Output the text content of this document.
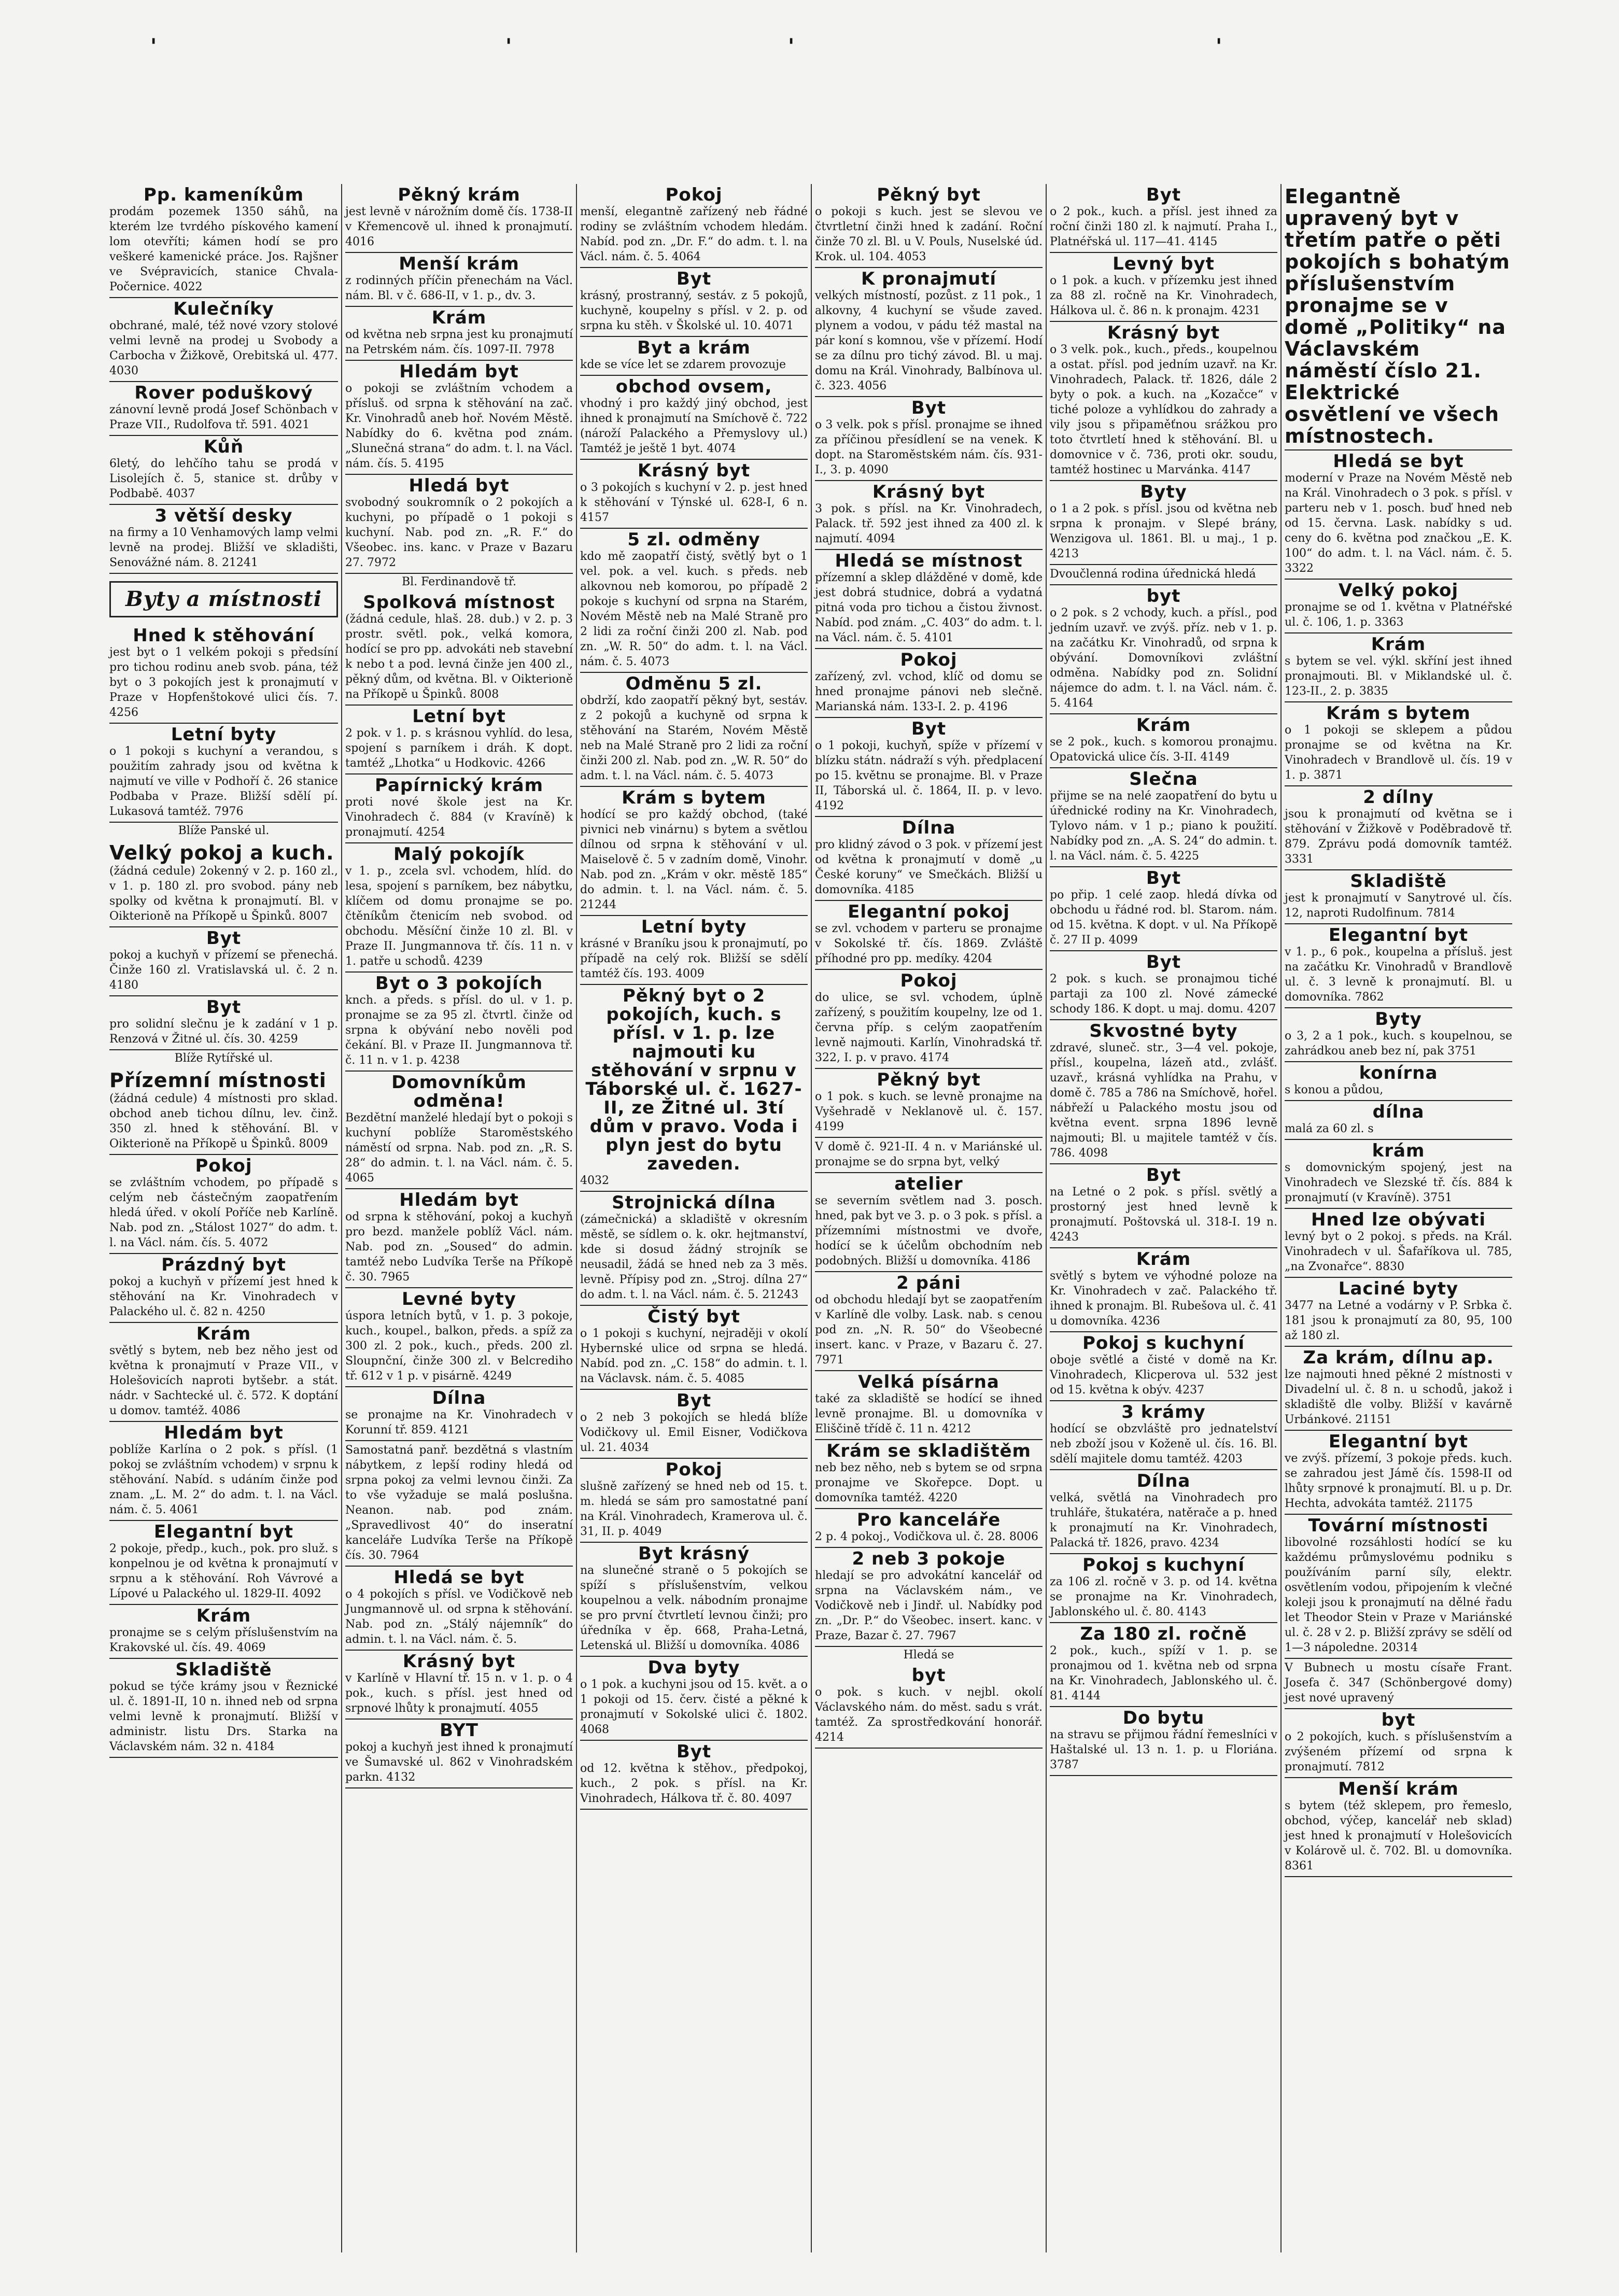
'	'	'	'
Pp. kameníkům
prodám pozemek 1350 sáhů, na kterém lze tvrdého pískového kamení lom otevříti; kámen hodí se pro veškeré kamenické práce. Jos. Rajšner ve Svépravicích, stanice Chvala-Počernice. 4022
Kulečníky
obchrané, malé, též nové vzory stolové velmi levně na prodej u Svobody a Carbocha v Žižkově, Orebitská ul. 477. 4030
Rover poduškový
zánovní levně prodá Josef Schönbach v Praze VII., Rudolfova tř. 591. 4021
Kůň
6letý, do lehčího tahu se prodá v Lisolejích č. 5, stanice st. drůby v Podbabě. 4037
3 větší desky
na firmy a 10 Venhamových lamp velmi levně na prodej. Bližší ve skladišti, Senovážné nám. 8. 21241
Byty a místnosti
Hned k stěhování
jest byt o 1 velkém pokoji s předsíní pro tichou rodinu aneb svob. pána, též byt o 3 pokojích jest k pronajmutí v Praze v Hopfenštokové ulici čís. 7. 4256
Letní byty
o 1 pokoji s kuchyní a verandou, s použitím zahrady jsou od května k najmutí ve ville v Podhoří č. 26 stanice Podbaba v Praze. Bližší sdělí pí. Lukasová tamtéž. 7976
Blíže Panské ul.
Velký pokoj a kuch.
(žádná cedule) 2okenný v 2. p. 160 zl., v 1. p. 180 zl. pro svobod. pány neb spolky od května k pronajmutí. Bl. v Oikterioně na Příkopě u Špinků. 8007
Byt
pokoj a kuchyň v přízemí se přenechá. Činže 160 zl. Vratislavská ul. č. 2 n. 4180
Byt
pro solidní slečnu je k zadání v 1 p. Renzová v Žitné ul. čís. 30. 4259
Blíže Rytířské ul.
Přízemní místnosti
(žádná cedule) 4 místnosti pro sklad. obchod aneb tichou dílnu, lev. činž. 350 zl. hned k stěhování. Bl. v Oikterioně na Příkopě u Špinků. 8009
Pokoj
se zvláštním vchodem, po případě s celým neb částečným zaopatřením hledá úřed. v okolí Poříče neb Karlíně. Nab. pod zn. „Stálost 1027“ do adm. t. l. na Václ. nám. čís. 5. 4072
Prázdný byt
pokoj a kuchyň v přízemí jest hned k stěhování na Kr. Vinohradech v Palackého ul. č. 82 n. 4250
Krám
světlý s bytem, neb bez něho jest od května k pronajmutí v Praze VII., v Holešovicích naproti bytšebr. a stát. nádr. v Sachtecké ul. č. 572. K doptání u domov. tamtéž. 4086
Hledám byt
poblíže Karlína o 2 pok. s přísl. (1 pokoj se zvláštním vchodem) v srpnu k stěhování. Nabíd. s udáním činže pod znam. „L. M. 2“ do adm. t. l. na Václ. nám. č. 5. 4061
Elegantní byt
2 pokoje, předp., kuch., pok. pro služ. s konpelnou je od května k pronajmutí v srpnu a k stěhování. Roh Vávrové a Lípové u Palackého ul. 1829-II. 4092
Krám
pronajme se s celým příslušenstvím na Krakovské ul. čís. 49. 4069
Skladiště
pokud se týče krámy jsou v Řeznické ul. č. 1891-II, 10 n. ihned neb od srpna velmi levně k pronajmutí. Bližší v administr. listu Drs. Starka na Václavském nám. 32 n. 4184
Pěkný krám
jest levně v nárožním domě čís. 1738-II v Křemencově ul. ihned k pronajmutí. 4016
Menší krám
z rodinných příčin přenechám na Václ. nám. Bl. v č. 686-II, v 1. p., dv. 3.
Krám
od května neb srpna jest ku pronajmutí na Petrském nám. čís. 1097-II. 7978
Hledám byt
o pokoji se zvláštním vchodem a přísluš. od srpna k stěhování na zač. Kr. Vinohradů aneb hoř. Novém Městě. Nabídky do 6. května pod znám. „Slunečná strana“ do adm. t. l. na Václ. nám. čís. 5. 4195
Hledá byt
svobodný soukromník o 2 pokojích a kuchyni, po případě o 1 pokoji s kuchyní. Nab. pod zn. „R. F.“ do Všeobec. ins. kanc. v Praze v Bazaru 27. 7972
Bl. Ferdinandově tř.
Spolková místnost
(žádná cedule, hlaš. 28. dub.) v 2. p. 3 prostr. světl. pok., velká komora, hodící se pro pp. advokáti neb stavební k nebo t a pod. levná činže jen 400 zl., pěkný dům, od května. Bl. v Oikterioně na Příkopě u Špinků. 8008
Letní byt
2 pok. v 1. p. s krásnou vyhlíd. do lesa, spojení s parníkem i dráh. K dopt. tamtéž „Lhotka“ u Hodkovic. 4266
Papírnický krám
proti nové škole jest na Kr. Vinohradech č. 884 (v Kravíně) k pronajmutí. 4254
Malý pokojík
v 1. p., zcela svl. vchodem, hlíd. do lesa, spojení s parníkem, bez nábytku, klíčem od domu pronajme se po. čtěníkům čtenicím neb svobod. od obchodu. Měsíční činže 10 zl. Bl. v Praze II. Jungmannova tř. čís. 11 n. v 1. patře u schodů. 4239
Byt o 3 pokojích
knch. a předs. s přísl. do ul. v 1. p. pronajme se za 95 zl. čtvrtl. činže od srpna k obývání nebo nověli pod čekání. Bl. v Praze II. Jungmannova tř. č. 11 n. v 1. p. 4238
Domovníkům odměna!
Bezdětní manželé hledají byt o pokoji s kuchyní poblíže Staroměstského náměstí od srpna. Nab. pod zn. „R. S. 28“ do admin. t. l. na Václ. nám. č. 5. 4065
Hledám byt
od srpna k stěhování, pokoj a kuchyň pro bezd. manžele poblíž Václ. nám. Nab. pod zn. „Soused“ do admin. tamtéž nebo Ludvíka Terše na Příkopě č. 30. 7965
Levné byty
úspora letních bytů, v 1. p. 3 pokoje, kuch., koupel., balkon, předs. a spíž za 300 zl. 2 pok., kuch., předs. 200 zl. Sloupnční, činže 300 zl. v Belcrediho tř. 612 v 1 p. v pisárně. 4249
Dílna
se pronajme na Kr. Vinohradech v Korunní tř. 859. 4121
Samostatná panř. bezdětná s vlastním nábytkem, z lepší rodiny hledá od srpna pokoj za velmi levnou činži. Za to vše vyžaduje se malá poslušna. Neanon. nab. pod znám. „Spravedlivost 40“ do inseratní kanceláře Ludvíka Terše na Příkopě čís. 30. 7964
Hledá se byt
o 4 pokojích s přísl. ve Vodičkově neb Jungmannově ul. od srpna k stěhování. Nab. pod zn. „Stálý nájemník“ do admin. t. l. na Václ. nám. č. 5.
Krásný byt
v Karlíně v Hlavní tř. 15 n. v 1. p. o 4 pok., kuch. s přísl. jest hned od srpnové lhůty k pronajmutí. 4055
BYT
pokoj a kuchyň jest ihned k pronajmutí ve Šumavské ul. 862 v Vinohradském parkn. 4132
Pokoj
menší, elegantně zařízený neb řádné rodiny se zvláštním vchodem hledám. Nabíd. pod zn. „Dr. F.“ do adm. t. l. na Václ. nám. č. 5. 4064
Byt
krásný, prostranný, sestáv. z 5 pokojů, kuchyně, koupelny s přísl. v 2. p. od srpna ku stěh. v Školské ul. 10. 4071
Byt a krám
kde se více let se zdarem provozuje
obchod ovsem,
vhodný i pro každý jiný obchod, jest ihned k pronajmutí na Smíchově č. 722 (nároží Palackého a Přemyslovy ul.) Tamtéž je ještě 1 byt. 4074
Krásný byt
o 3 pokojích s kuchyní v 2. p. jest hned k stěhování v Týnské ul. 628-I, 6 n. 4157
5 zl. odměny
kdo mě zaopatří čistý, světlý byt o 1 vel. pok. a vel. kuch. s předs. neb alkovnou neb komorou, po případě 2 pokoje s kuchyní od srpna na Starém, Novém Městě neb na Malé Straně pro 2 lidi za roční činži 200 zl. Nab. pod zn. „W. R. 50“ do adm. t. l. na Václ. nám. č. 5. 4073
Odměnu 5 zl.
obdrží, kdo zaopatří pěkný byt, sestáv. z 2 pokojů a kuchyně od srpna k stěhování na Starém, Novém Městě neb na Malé Straně pro 2 lidi za roční činži 200 zl. Nab. pod zn. „W. R. 50“ do adm. t. l. na Václ. nám. č. 5. 4073
Krám s bytem
hodící se pro každý obchod, (také pivnici neb vinárnu) s bytem a světlou dílnou od srpna k stěhování v ul. Maiselově č. 5 v zadním domě, Vinohr. Nab. pod zn. „Krám v okr. městě 185“ do admin. t. l. na Václ. nám. č. 5. 21244
Letní byty
krásné v Braníku jsou k pronajmutí, po případě na celý rok. Bližší se sdělí tamtéž čís. 193. 4009
Pěkný byt o 2 pokojích, kuch. s přísl. v 1. p. lze najmouti ku stěhování v srpnu v Táborské ul. č. 1627-II, ze Žitné ul. 3tí dům v pravo. Voda i plyn jest do bytu zaveden.
4032
Strojnická dílna
(zámečnická) a skladiště v okresním městě, se sídlem o. k. okr. hejtmanství, kde si dosud žádný strojník se neusadil, žádá se hned neb za 3 měs. levně. Přípisy pod zn. „Stroj. dílna 27“ do adm. t. l. na Václ. nám. č. 5. 21243
Čistý byt
o 1 pokoji s kuchyní, nejraději v okolí Hybernské ulice od srpna se hledá. Nabíd. pod zn. „C. 158“ do admin. t. l. na Václavsk. nám. č. 5. 4085
Byt
o 2 neb 3 pokojích se hledá blíže Vodičkovy ul. Emil Eisner, Vodičkova ul. 21. 4034
Pokoj
slušně zařízený se hned neb od 15. t. m. hledá se sám pro samostatné paní na Král. Vinohradech, Kramerova ul. č. 31, II. p. 4049
Byt krásný
na slunečné straně o 5 pokojích se spíží s příslušenstvím, velkou koupelnou a velk. nábodním pronajme se pro první čtvrtletí levnou činži; pro úředníka v ěp. 668, Praha-Letná, Letenská ul. Bližší u domovníka. 4086
Dva byty
o 1 pok. a kuchyni jsou od 15. květ. a o 1 pokoji od 15. červ. čisté a pěkné k pronajmutí v Sokolské ulici č. 1802. 4068
Byt
od 12. května k stěhov., předpokoj, kuch., 2 pok. s přísl. na Kr. Vinohradech, Hálkova tř. č. 80. 4097
Pěkný byt
o pokoji s kuch. jest se slevou ve čtvrtletní činži hned k zadání. Roční činže 70 zl. Bl. u V. Pouls, Nuselské úd. Krok. ul. 104. 4053
K pronajmutí
velkých místností, pozůst. z 11 pok., 1 alkovny, 4 kuchyní se všude zaved. plynem a vodou, v pádu též mastal na pár koní s komnou, vše v přízemí. Hodí se za dílnu pro tichý závod. Bl. u maj. domu na Král. Vinohrady, Balbínova ul. č. 323. 4056
Byt
o 3 velk. pok s přísl. pronajme se ihned za příčinou přesídlení se na venek. K dopt. na Staroměstském nám. čís. 931-I., 3. p. 4090
Krásný byt
3 pok. s přísl. na Kr. Vinohradech, Palack. tř. 592 jest ihned za 400 zl. k najmutí. 4094
Hledá se místnost
přízemní a sklep dlážděné v domě, kde jest dobrá studnice, dobrá a vydatná pitná voda pro tichou a čistou živnost. Nabíd. pod znám. „C. 403“ do adm. t. l. na Václ. nám. č. 5. 4101
Pokoj
zařízený, zvl. vchod, klíč od domu se hned pronajme pánovi neb slečně. Marianská nám. 133-I. 2. p. 4196
Byt
o 1 pokoji, kuchyň, spíže v přízemí v blízku státn. nádraží s výh. předplacení po 15. květnu se pronajme. Bl. v Praze II, Táborská ul. č. 1864, II. p. v levo. 4192
Dílna
pro klidný závod o 3 pok. v přízemí jest od května k pronajmutí v domě „u České koruny“ ve Smečkách. Bližší u domovníka. 4185
Elegantní pokoj
se zvl. vchodem v parteru se pronajme v Sokolské tř. čís. 1869. Zvláště příhodné pro pp. medíky. 4204
Pokoj
do ulice, se svl. vchodem, úplně zařízený, s použitím koupelny, lze od 1. června příp. s celým zaopatřením levně najmouti. Karlín, Vinohradská tř. 322, I. p. v pravo. 4174
Pěkný byt
o 1 pok. s kuch. se levně pronajme na Vyšehradě v Neklanově ul. č. 157. 4199
V domě č. 921-II. 4 n. v Mariánské ul. pronajme se do srpna byt, velký
atelier
se severním světlem nad 3. posch. hned, pak byt ve 3. p. o 3 pok. s přísl. a přízemními místnostmi ve dvoře, hodící se k účelům obchodním neb podobných. Bližší u domovníka. 4186
2 páni
od obchodu hledají byt se zaopatřením v Karlíně dle volby. Lask. nab. s cenou pod zn. „N. R. 50“ do Všeobecné insert. kanc. v Praze, v Bazaru č. 27. 7971
Velká písárna
také za skladiště se hodící se ihned levně pronajme. Bl. u domovníka v Eliščině třídě č. 11 n. 4212
Krám se skladištěm
neb bez něho, neb s bytem se od srpna pronajme ve Skořepce. Dopt. u domovníka tamtéž. 4220
Pro kanceláře
2 p. 4 pokoj., Vodičkova ul. č. 28. 8006
2 neb 3 pokoje
hledají se pro advokátní kancelář od srpna na Václavském nám., ve Vodičkově neb i Jindř. ul. Nabídky pod zn. „Dr. P.“ do Všeobec. insert. kanc. v Praze, Bazar č. 27. 7967
Hledá se
byt
o pok. s kuch. v nejbl. okolí Václavského nám. do měst. sadu s vrát. tamtéž. Za sprostředkování honorář. 4214
Byt
o 2 pok., kuch. a přísl. jest ihned za roční činži 180 zl. k najmutí. Praha I., Platnéřská ul. 117—41. 4145
Levný byt
o 1 pok. a kuch. v přízemku jest ihned za 88 zl. ročně na Kr. Vinohradech, Hálkova ul. č. 86 n. k pronajm. 4231
Krásný byt
o 3 velk. pok., kuch., předs., koupelnou a ostat. přísl. pod jedním uzavř. na Kr. Vinohradech, Palack. tř. 1826, dále 2 byty o pok. a kuch. na „Kozačce“ v tiché poloze a vyhlídkou do zahrady a vily jsou s připaměťnou srážkou pro toto čtvrtletí hned k stěhování. Bl. u domovnice v č. 736, proti okr. soudu, tamtéž hostinec u Marvánka. 4147
Byty
o 1 a 2 pok. s přísl. jsou od května neb srpna k pronajm. v Slepé brány, Wenzigova ul. 1861. Bl. u maj., 1 p. 4213
Dvoučlenná rodina úřednická hledá
byt
o 2 pok. s 2 vchody, kuch. a přísl., pod jedním uzavř. ve zvýš. příz. neb v 1. p. na začátku Kr. Vinohradů, od srpna k obývání. Domovníkovi zvláštní odměna. Nabídky pod zn. Solidní nájemce do adm. t. l. na Václ. nám. č. 5. 4164
Krám
se 2 pok., kuch. s komorou pronajmu. Opatovická ulice čís. 3-II. 4149
Slečna
přijme se na nelé zaopatření do bytu u úřednické rodiny na Kr. Vinohradech, Tylovo nám. v 1 p.; piano k použití. Nabídky pod zn. „A. S. 24“ do admin. t. l. na Václ. nám. č. 5. 4225
Byt
po přip. 1 celé zaop. hledá dívka od obchodu u řádné rod. bl. Starom. nám. od 15. května. K dopt. v ul. Na Příkopě č. 27 II p. 4099
Byt
2 pok. s kuch. se pronajmou tiché partaji za 100 zl. Nové zámecké schody 186. K dopt. u maj. domu. 4207
Skvostné byty
zdravé, sluneč. str., 3—4 vel. pokoje, přísl., koupelna, lázeň atd., zvlášť. uzavř., krásná vyhlídka na Prahu, v domě č. 785 a 786 na Smíchově, hořel. nábřeží u Palackého mostu jsou od května event. srpna 1896 levně najmouti; Bl. u majitele tamtéž v čís. 786. 4098
Byt
na Letné o 2 pok. s přísl. světlý a prostorný jest hned levně k pronajmutí. Poštovská ul. 318-I. 19 n. 4243
Krám
světlý s bytem ve výhodné poloze na Kr. Vinohradech v zač. Palackého tř. ihned k pronajm. Bl. Rubešova ul. č. 41 u domovníka. 4236
Pokoj s kuchyní
oboje světlé a čisté v domě na Kr. Vinohradech, Klicperova ul. 532 jest od 15. května k obýv. 4237
3 krámy
hodící se obzvláště pro jednatelství neb zboží jsou v Koženě ul. čís. 16. Bl. sdělí majitele domu tamtéž. 4203
Dílna
velká, světlá na Vinohradech pro truhláře, štukatéra, natěrače a p. hned k pronajmutí na Kr. Vinohradech, Palacká tř. 1826, pravo. 4234
Pokoj s kuchyní
za 106 zl. ročně v 3. p. od 14. května se pronajme na Kr. Vinohradech, Jablonského ul. č. 80. 4143
Za 180 zl. ročně
2 pok., kuch., spíží v 1. p. se pronajmou od 1. května neb od srpna na Kr. Vinohradech, Jablonského ul. č. 81. 4144
Do bytu
na stravu se přijmou řádní řemeslníci v Haštalské ul. 13 n. 1. p. u Floriána. 3787
Elegantně upravený byt v třetím patře o pěti pokojích s bohatým příslušenstvím pronajme se v domě „Politiky“ na Václavském náměstí číslo 21. Elektrické osvětlení ve všech místnostech.
Hledá se byt
moderní v Praze na Novém Městě neb na Král. Vinohradech o 3 pok. s přísl. v parteru neb v 1. posch. buď hned neb od 15. června. Lask. nabídky s ud. ceny do 6. května pod značkou „E. K. 100“ do adm. t. l. na Václ. nám. č. 5. 3322
Velký pokoj
pronajme se od 1. května v Platnéřské ul. č. 106, 1. p. 3363
Krám
s bytem se vel. výkl. skříní jest ihned pronajmouti. Bl. v Miklandské ul. č. 123-II., 2. p. 3835
Krám s bytem
o 1 pokoji se sklepem a půdou pronajme se od května na Kr. Vinohradech v Brandlově ul. čís. 19 v 1. p. 3871
2 dílny
jsou k pronajmutí od května se i stěhování v Žižkově v Poděbradově tř. 879. Zprávu podá domovník tamtéž. 3331
Skladiště
jest k pronajmutí v Sanytrové ul. čís. 12, naproti Rudolfinum. 7814
Elegantní byt
v 1. p., 6 pok., koupelna a přísluš. jest na začátku Kr. Vinohradů v Brandlově ul. č. 3 levně k pronajmutí. Bl. u domovníka. 7862
Byty
o 3, 2 a 1 pok., kuch. s koupelnou, se zahrádkou aneb bez ní, pak 3751
konírna
s konou a půdou,
dílna
malá za 60 zl. s
krám
s domovnickým spojený, jest na Vinohradech ve Slezské tř. čís. 884 k pronajmutí (v Kravíně). 3751
Hned lze obývati
levný byt o 2 pokoj. s předs. na Král. Vinohradech v ul. Šafaříkova ul. 785, „na Zvonařce“. 8830
Laciné byty
3477 na Letné a vodárny v P. Srbka č. 181 jsou k pronajmutí za 80, 95, 100 až 180 zl.
Za krám, dílnu ap.
lze najmouti hned pěkné 2 místnosti v Divadelní ul. č. 8 n. u schodů, jakož i skladiště dle volby. Bližší v kavárně Urbánkové. 21151
Elegantní byt
ve zvýš. přízemí, 3 pokoje předs. kuch. se zahradou jest Jámě čís. 1598-II od lhůty srpnové k pronajmutí. Bl. u p. Dr. Hechta, advokáta tamtéž. 21175
Tovární místnosti
libovolné rozsáhlosti hodící se ku každému průmyslovému podniku s používáním parní síly, elektr. osvětlením vodou, připojením k vlečné koleji jsou k pronajmutí na dělné řadu let Theodor Stein v Praze v Mariánské ul. č. 28 v 2. p. Bližší zprávy se sdělí od 1—3 nápoledne. 20314
V Bubnech u mostu císaře Frant. Josefa č. 347 (Schönbergové domy) jest nové upravený
byt
o 2 pokojích, kuch. s příslušenstvím a zvýšeném přízemí od srpna k pronajmutí. 7812
Menší krám
s bytem (též sklepem, pro řemeslo, obchod, výčep, kancelář neb sklad) jest hned k pronajmutí v Holešovicích v Kolárově ul. č. 702. Bl. u domovníka. 8361
